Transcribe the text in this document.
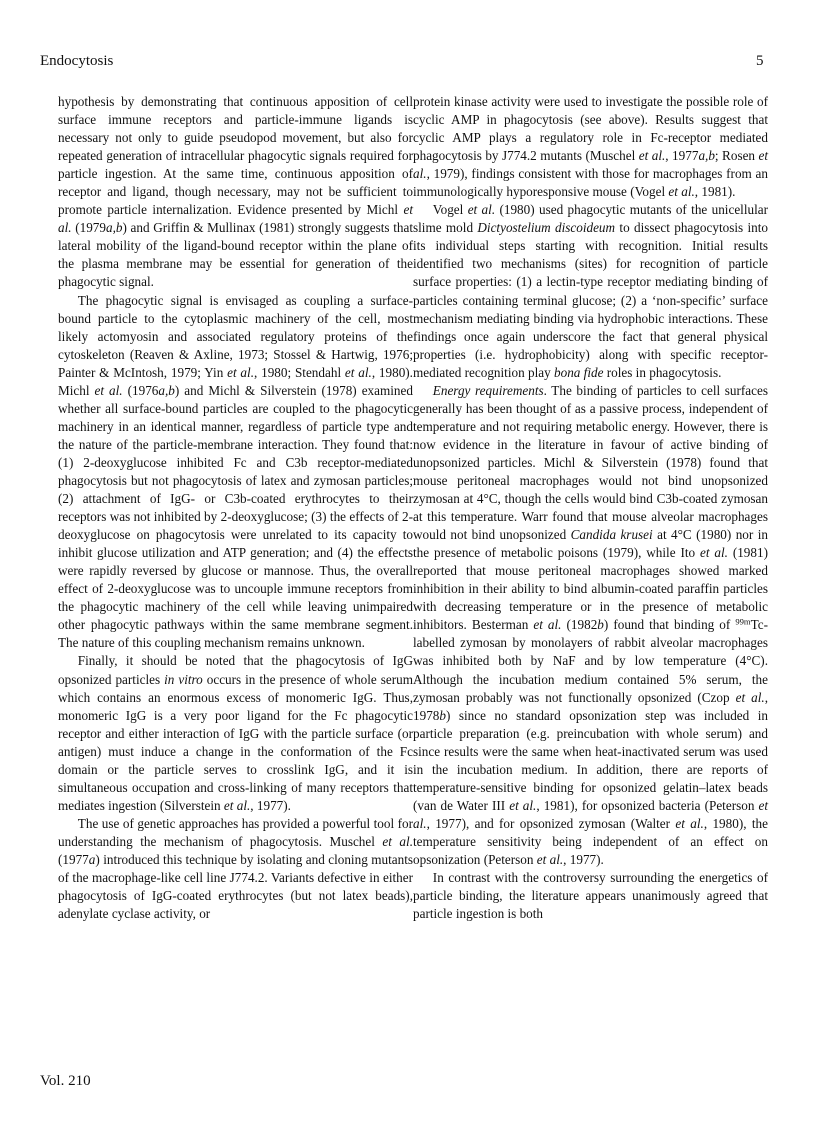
Endocytosis	5

hypothesis by demonstrating that continuous apposition of cell surface immune receptors and particle-immune ligands is necessary not only to guide pseudopod movement, but also for repeated generation of intracellular phagocytic signals required for particle ingestion. At the same time, continuous apposition of receptor and ligand, though necessary, may not be sufficient to promote particle internalization. Evidence presented by Michl et al. (1979a,b) and Griffin & Mullinax (1981) strongly suggests that lateral mobility of the ligand-bound receptor within the plane of the plasma membrane may be essential for generation of the phagocytic signal.

The phagocytic signal is envisaged as coupling a surface-bound particle to the cytoplasmic machinery of the cell, most likely actomyosin and associated regulatory proteins of the cytoskeleton (Reaven & Axline, 1973; Stossel & Hartwig, 1976; Painter & McIntosh, 1979; Yin et al., 1980; Stendahl et al., 1980). Michl et al. (1976a,b) and Michl & Silverstein (1978) examined whether all surface-bound particles are coupled to the phagocytic machinery in an identical manner, regardless of particle type and the nature of the particle-membrane interaction. They found that: (1) 2-deoxyglucose inhibited Fc and C3b receptor-mediated phagocytosis but not phagocytosis of latex and zymosan particles; (2) attachment of IgG- or C3b-coated erythrocytes to their receptors was not inhibited by 2-deoxyglucose; (3) the effects of 2-deoxyglucose on phagocytosis were unrelated to its capacity to inhibit glucose utilization and ATP generation; and (4) the effects were rapidly reversed by glucose or mannose. Thus, the overall effect of 2-deoxyglucose was to uncouple immune receptors from the phagocytic machinery of the cell while leaving unimpaired other phagocytic pathways within the same membrane segment. The nature of this coupling mechanism remains unknown.

Finally, it should be noted that the phagocytosis of IgG opsonized particles in vitro occurs in the presence of whole serum which contains an enormous excess of monomeric IgG. Thus, monomeric IgG is a very poor ligand for the Fc phagocytic receptor and either interaction of IgG with the particle surface (or antigen) must induce a change in the conformation of the Fc domain or the particle serves to crosslink IgG, and it is simultaneous occupation and cross-linking of many receptors that mediates ingestion (Silverstein et al., 1977).

The use of genetic approaches has provided a powerful tool for understanding the mechanism of phagocytosis. Muschel et al. (1977a) introduced this technique by isolating and cloning mutants of the macrophage-like cell line J774.2. Variants defective in either phagocytosis of IgG-coated erythrocytes (but not latex beads), adenylate cyclase activity, or

protein kinase activity were used to investigate the possible role of cyclic AMP in phagocytosis (see above). Results suggest that cyclic AMP plays a regulatory role in Fc-receptor mediated phagocytosis by J774.2 mutants (Muschel et al., 1977a,b; Rosen et al., 1979), findings consistent with those for macrophages from an immunologically hyporesponsive mouse (Vogel et al., 1981).

Vogel et al. (1980) used phagocytic mutants of the unicellular slime mold Dictyostelium discoideum to dissect phagocytosis into its individual steps starting with recognition. Initial results identified two mechanisms (sites) for recognition of particle surface properties: (1) a lectin-type receptor mediating binding of particles containing terminal glucose; (2) a ‘non-specific’ surface mechanism mediating binding via hydrophobic interactions. These findings once again underscore the fact that general physical properties (i.e. hydrophobicity) along with specific receptor-mediated recognition play bona fide roles in phagocytosis.

Energy requirements. The binding of particles to cell surfaces generally has been thought of as a passive process, independent of temperature and not requiring metabolic energy. However, there is now evidence in the literature in favour of active binding of unopsonized particles. Michl & Silverstein (1978) found that mouse peritoneal macrophages would not bind unopsonized zymosan at 4°C, though the cells would bind C3b-coated zymosan at this temperature. Warr found that mouse alveolar macrophages would not bind unopsonized Candida krusei at 4°C (1980) nor in the presence of metabolic poisons (1979), while Ito et al. (1981) reported that mouse peritoneal macrophages showed marked inhibition in their ability to bind albumin-coated paraffin particles with decreasing temperature or in the presence of metabolic inhibitors. Besterman et al. (1982b) found that binding of $^{99m}$Tc-labelled zymosan by monolayers of rabbit alveolar macrophages was inhibited both by NaF and by low temperature (4°C). Although the incubation medium contained 5% serum, the zymosan probably was not functionally opsonized (Czop et al., 1978b) since no standard opsonization step was included in particle preparation (e.g. preincubation with whole serum) and since results were the same when heat-inactivated serum was used in the incubation medium. In addition, there are reports of temperature-sensitive binding for opsonized gelatin–latex beads (van de Water III et al., 1981), for opsonized bacteria (Peterson et al., 1977), and for opsonized zymosan (Walter et al., 1980), the temperature sensitivity being independent of an effect on opsonization (Peterson et al., 1977).

In contrast with the controversy surrounding the energetics of particle binding, the literature appears unanimously agreed that particle ingestion is both

Vol. 210
